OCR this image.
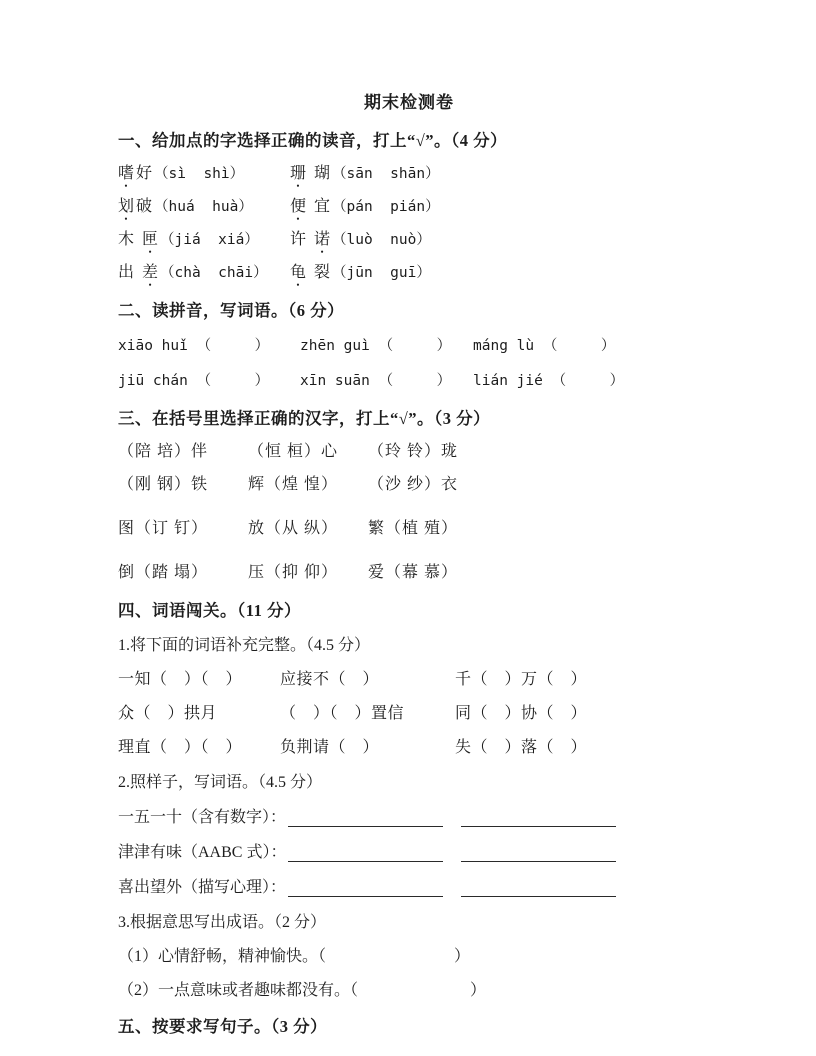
期末检测卷
一、给加点的字选择正确的读音，打上“√”。（4 分）
嗜好（sì  shì）	珊 瑚（sān  shān）
划破（huá  huà）	便 宜（pán  pián）
木 匣（jiá  xiá）	许 诺（luò  nuò）
出 差（chà  chāi）	龟 裂（jūn  guī）
二、读拼音，写词语。（6 分）
xiāo huǐ （　　　）	zhēn guì （　　　）	máng lù （　　　）
jiū chán （　　　）	xīn suān （　　　）	lián jié （　　　）
三、在括号里选择正确的汉字，打上“√”。（3 分）
（陪 培）伴	（恒 桓）心	（玲 铃）珑
（刚 钢）铁	辉（煌 惶）	（沙 纱）衣
图（订 钉）	放（从 纵）	繁（植 殖）
倒（踏 塌）	压（抑 仰）	爱（幕 慕）
四、词语闯关。（11 分）
1.将下面的词语补充完整。（4.5 分）
一知（　）（　）	应接不（　）	千（　）万（　）
众（　）拱月	（　）（　）置信	同（　）协（　）
理直（　）（　）	负荆请（　）	失（　）落（　）
2.照样子，写词语。（4.5 分）
一五一十（含有数字）：
津津有味（AABC 式）：
喜出望外（描写心理）：
3.根据意思写出成语。（2 分）
（1）心情舒畅，精神愉快。（　　　　　　　　）
（2）一点意味或者趣味都没有。（　　　　　　　）
五、按要求写句子。（3 分）
